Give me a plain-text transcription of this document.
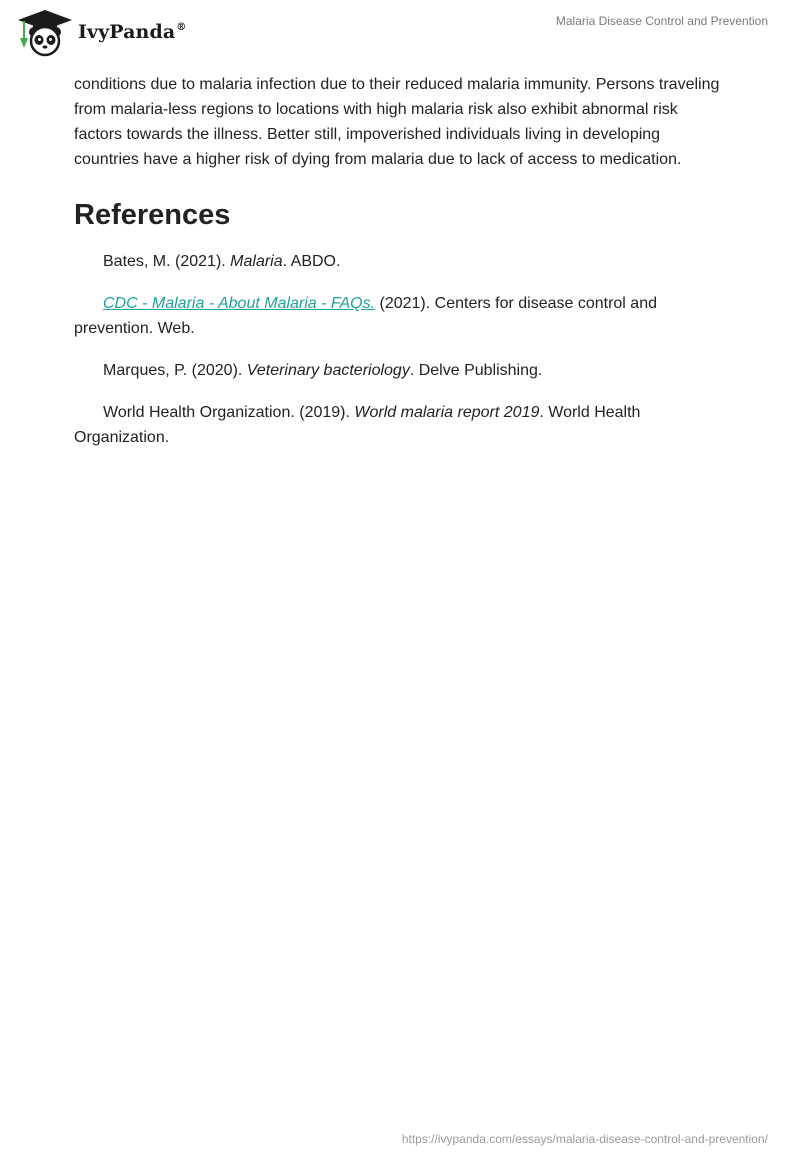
IvyPanda®	Malaria Disease Control and Prevention

conditions due to malaria infection due to their reduced malaria immunity. Persons traveling from malaria-less regions to locations with high malaria risk also exhibit abnormal risk factors towards the illness. Better still, impoverished individuals living in developing countries have a higher risk of dying from malaria due to lack of access to medication.

References

Bates, M. (2021). Malaria. ABDO.

CDC - Malaria - About Malaria - FAQs. (2021). Centers for disease control and prevention. Web.

Marques, P. (2020). Veterinary bacteriology. Delve Publishing.

World Health Organization. (2019). World malaria report 2019. World Health Organization.

https://ivypanda.com/essays/malaria-disease-control-and-prevention/
